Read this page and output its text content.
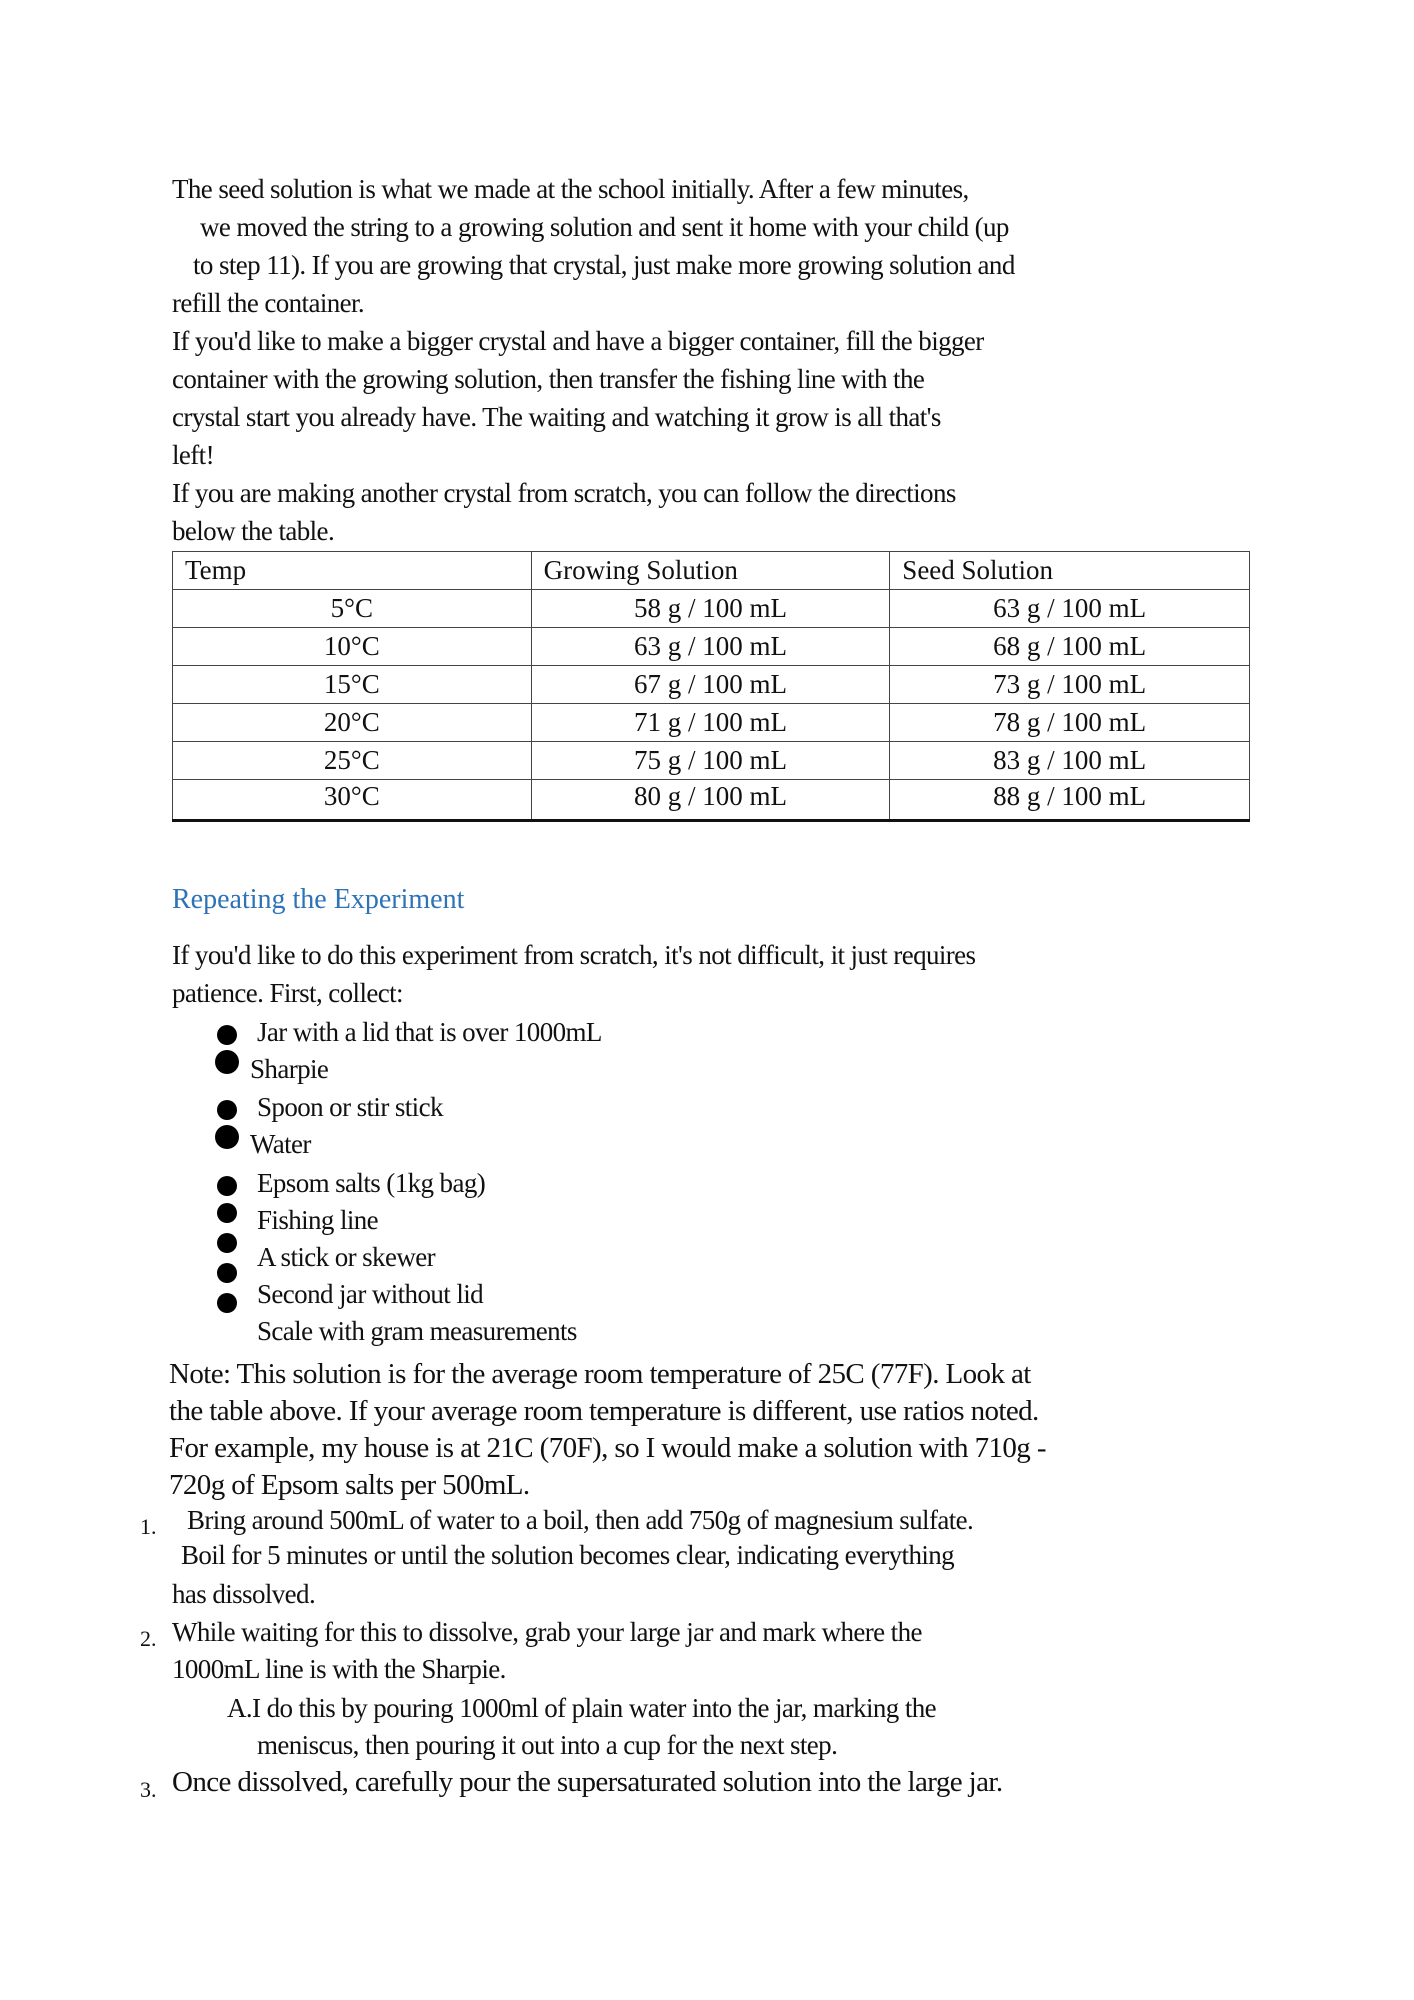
The seed solution is what we made at the school initially. After a few minutes,
we moved the string to a growing solution and sent it home with your child (up
to step 11). If you are growing that crystal, just make more growing solution and
refill the container.
If you'd like to make a bigger crystal and have a bigger container, fill the bigger
container with the growing solution, then transfer the fishing line with the
crystal start you already have. The waiting and watching it grow is all that's
left!
If you are making another crystal from scratch, you can follow the directions
below the table.
Temp	Growing Solution	Seed Solution
5°C	58 g / 100 mL	63 g / 100 mL
10°C	63 g / 100 mL	68 g / 100 mL
15°C	67 g / 100 mL	73 g / 100 mL
20°C	71 g / 100 mL	78 g / 100 mL
25°C	75 g / 100 mL	83 g / 100 mL
30°C	80 g / 100 mL	88 g / 100 mL
Repeating the Experiment
If you'd like to do this experiment from scratch, it's not difficult, it just requires
patience. First, collect:
Jar with a lid that is over 1000mL
Sharpie
Spoon or stir stick
Water
Epsom salts (1kg bag)
Fishing line
A stick or skewer
Second jar without lid
Scale with gram measurements
Note: This solution is for the average room temperature of 25C (77F). Look at
the table above. If your average room temperature is different, use ratios noted.
For example, my house is at 21C (70F), so I would make a solution with 710g -
720g of Epsom salts per 500mL.
1. Bring around 500mL of water to a boil, then add 750g of magnesium sulfate.
Boil for 5 minutes or until the solution becomes clear, indicating everything
has dissolved.
2. While waiting for this to dissolve, grab your large jar and mark where the
1000mL line is with the Sharpie.
A.I do this by pouring 1000ml of plain water into the jar, marking the
meniscus, then pouring it out into a cup for the next step.
3. Once dissolved, carefully pour the supersaturated solution into the large jar.
